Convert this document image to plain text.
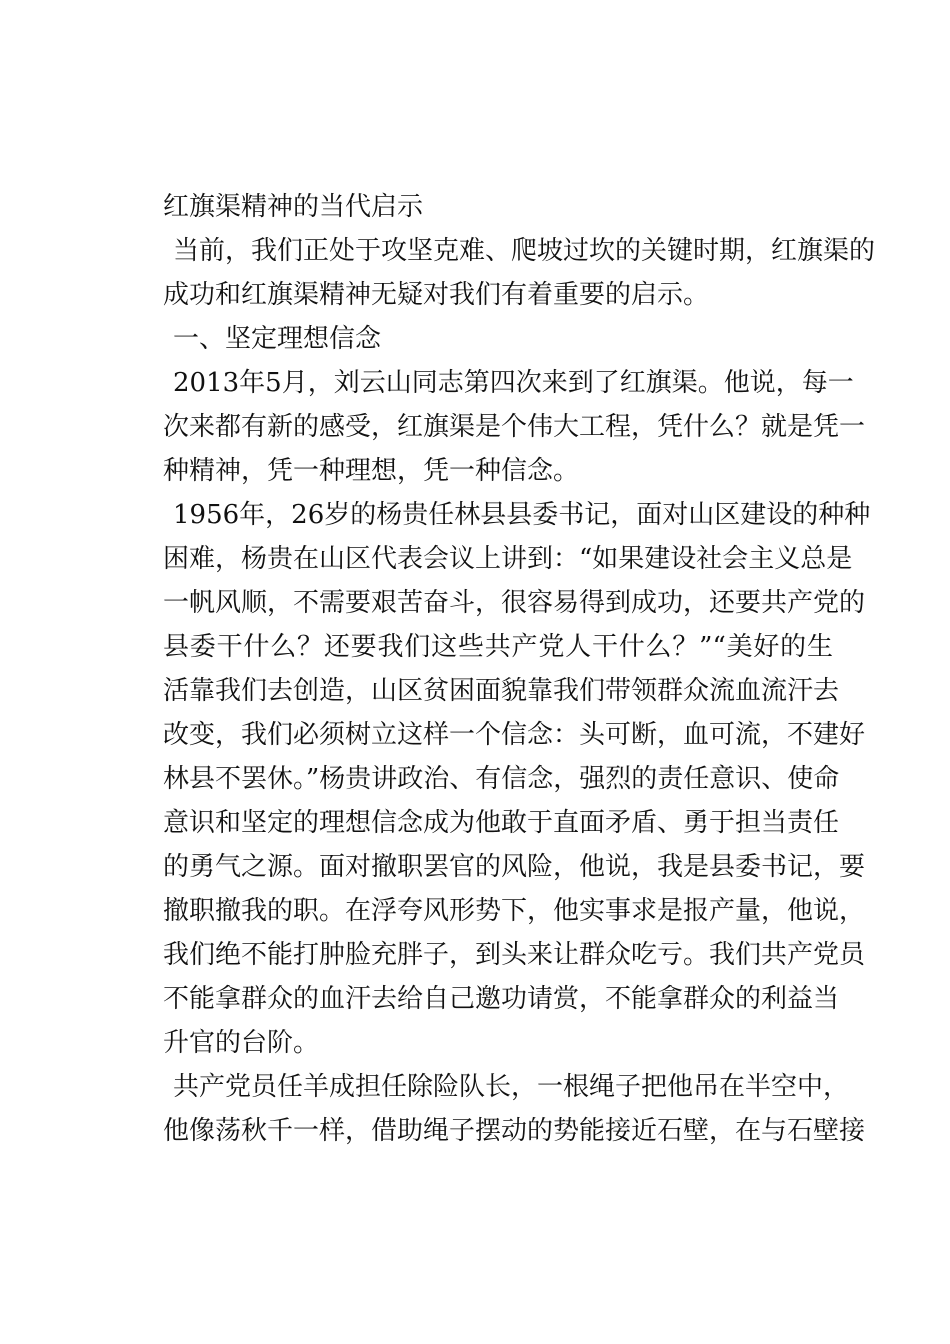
红旗渠精神的当代启示
当前，我们正处于攻坚克难、爬坡过坎的关键时期，红旗渠的
成功和红旗渠精神无疑对我们有着重要的启示。
一、坚定理想信念
2013年5月，刘云山同志第四次来到了红旗渠。他说，每一
次来都有新的感受，红旗渠是个伟大工程，凭什么？就是凭一
种精神，凭一种理想，凭一种信念。
1956年，26岁的杨贵任林县县委书记，面对山区建设的种种
困难，杨贵在山区代表会议上讲到：“如果建设社会主义总是
一帆风顺，不需要艰苦奋斗，很容易得到成功，还要共产党的
县委干什么？还要我们这些共产党人干什么？”“美好的生
活靠我们去创造，山区贫困面貌靠我们带领群众流血流汗去
改变，我们必须树立这样一个信念：头可断，血可流，不建好
林县不罢休。”杨贵讲政治、有信念，强烈的责任意识、使命
意识和坚定的理想信念成为他敢于直面矛盾、勇于担当责任
的勇气之源。面对撤职罢官的风险，他说，我是县委书记，要
撤职撤我的职。在浮夸风形势下，他实事求是报产量，他说，
我们绝不能打肿脸充胖子，到头来让群众吃亏。我们共产党员
不能拿群众的血汗去给自己邀功请赏，不能拿群众的利益当
升官的台阶。
共产党员任羊成担任除险队长，一根绳子把他吊在半空中，
他像荡秋千一样，借助绳子摆动的势能接近石壁，在与石壁接
